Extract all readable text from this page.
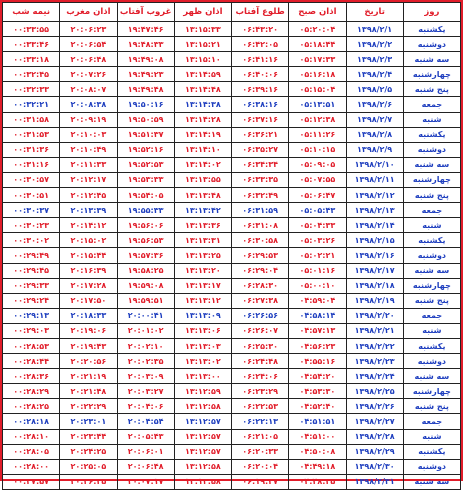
روز	تاریخ	اذان صبح	طلوع آفتاب	اذان ظهر	غروب آفتاب	اذان مغرب	نیمه شب
یکشنبه	۱۳۹۸/۲/۱	۰۵:۲۰:۰۴	۰۶:۴۳:۲۰	۱۳:۱۵:۳۳	۱۹:۴۷:۴۶	۲۰:۰۶:۲۳	۰۰:۳۳:۵۵
دوشنبه	۱۳۹۸/۲/۲	۰۵:۱۸:۴۴	۰۶:۴۲:۰۵	۱۳:۱۵:۲۱	۱۹:۴۸:۳۳	۲۰:۰۶:۵۴	۰۰:۳۳:۴۶
سه شنبه	۱۳۹۸/۲/۳	۰۵:۱۷:۳۳	۰۶:۴۱:۱۶	۱۳:۱۵:۱۰	۱۹:۴۹:۰۸	۲۰:۰۶:۴۸	۰۰:۳۳:۱۸
چهارشنبه	۱۳۹۸/۲/۴	۰۵:۱۶:۱۸	۰۶:۴۰:۰۶	۱۳:۱۴:۵۹	۱۹:۴۹:۲۳	۲۰:۰۷:۲۶	۰۰:۳۲:۴۵
پنج شنبه	۱۳۹۸/۲/۵	۰۵:۱۵:۰۴	۰۶:۳۹:۱۶	۱۳:۱۴:۴۸	۱۹:۴۹:۴۸	۲۰:۰۸:۰۷	۰۰:۳۲:۳۳
جمعه	۱۳۹۸/۲/۶	۰۵:۱۳:۵۱	۰۶:۳۸:۱۶	۱۳:۱۴:۳۸	۱۹:۵۰:۱۶	۲۰:۰۸:۳۸	۰۰:۳۲:۲۱
شنبه	۱۳۹۸/۲/۷	۰۵:۱۲:۳۸	۰۶:۳۷:۱۶	۱۳:۱۴:۲۸	۱۹:۵۰:۵۹	۲۰:۰۹:۱۹	۰۰:۳۱:۵۸
یکشنبه	۱۳۹۸/۲/۸	۰۵:۱۱:۲۶	۰۶:۳۶:۲۱	۱۳:۱۴:۱۹	۱۹:۵۱:۳۷	۲۰:۱۰:۰۳	۰۰:۳۱:۵۳
دوشنبه	۱۳۹۸/۲/۹	۰۵:۱۰:۱۵	۰۶:۳۵:۲۷	۱۳:۱۴:۱۰	۱۹:۵۲:۱۶	۲۰:۱۰:۴۹	۰۰:۳۱:۳۶
سه شنبه	۱۳۹۸/۲/۱۰	۰۵:۰۹:۰۵	۰۶:۳۴:۳۴	۱۳:۱۴:۰۲	۱۹:۵۲:۵۳	۲۰:۱۱:۳۳	۰۰:۳۱:۱۶
چهارشنبه	۱۳۹۸/۲/۱۱	۰۵:۰۷:۵۵	۰۶:۳۳:۳۵	۱۳:۱۳:۵۵	۱۹:۵۳:۳۳	۲۰:۱۲:۱۷	۰۰:۳۰:۵۷
پنج شنبه	۱۳۹۸/۲/۱۲	۰۵:۰۶:۴۷	۰۶:۳۲:۴۹	۱۳:۱۳:۴۸	۱۹:۵۴:۰۵	۲۰:۱۲:۴۵	۰۰:۳۰:۵۱
جمعه	۱۳۹۸/۲/۱۳	۰۵:۰۵:۴۳	۰۶:۳۱:۵۹	۱۳:۱۳:۴۲	۱۹:۵۵:۳۳	۲۰:۱۳:۳۹	۰۰:۳۰:۳۷
شنبه	۱۳۹۸/۲/۱۴	۰۵:۰۴:۳۳	۰۶:۳۱:۰۸	۱۳:۱۳:۳۶	۱۹:۵۶:۰۶	۲۰:۱۴:۱۲	۰۰:۳۰:۲۳
یکشنبه	۱۳۹۸/۲/۱۵	۰۵:۰۳:۲۶	۰۶:۳۰:۵۸	۱۳:۱۳:۳۱	۱۹:۵۶:۵۳	۲۰:۱۵:۰۲	۰۰:۳۰:۰۲
دوشنبه	۱۳۹۸/۲/۱۶	۰۵:۰۲:۲۱	۰۶:۲۹:۵۳	۱۳:۱۳:۲۵	۱۹:۵۷:۳۶	۲۰:۱۵:۴۴	۰۰:۲۹:۴۹
سه شنبه	۱۳۹۸/۲/۱۷	۰۵:۰۱:۱۶	۰۶:۲۹:۰۴	۱۳:۱۳:۲۰	۱۹:۵۸:۲۵	۲۰:۱۶:۳۹	۰۰:۲۹:۴۵
چهارشنبه	۱۳۹۸/۲/۱۸	۰۵:۰۰:۱۰	۰۶:۲۸:۳۰	۱۳:۱۳:۱۷	۱۹:۵۹:۰۸	۲۰:۱۷:۲۸	۰۰:۲۹:۳۳
پنج شنبه	۱۳۹۸/۲/۱۹	۰۴:۵۹:۰۴	۰۶:۲۷:۳۸	۱۳:۱۳:۱۲	۱۹:۵۹:۵۱	۲۰:۱۷:۵۰	۰۰:۲۹:۲۴
جمعه	۱۳۹۸/۲/۲۰	۰۴:۵۸:۱۴	۰۶:۲۶:۵۶	۱۳:۱۳:۰۹	۲۰:۰۰:۴۱	۲۰:۱۸:۳۳	۰۰:۲۹:۱۳
شنبه	۱۳۹۸/۲/۲۱	۰۴:۵۷:۱۳	۰۶:۲۶:۰۷	۱۳:۱۳:۰۶	۲۰:۰۱:۰۲	۲۰:۱۹:۰۶	۰۰:۲۹:۰۳
یکشنبه	۱۳۹۸/۲/۲۲	۰۴:۵۶:۲۳	۰۶:۲۵:۳۰	۱۳:۱۳:۰۳	۲۰:۰۲:۱۰	۲۰:۱۹:۴۳	۰۰:۲۸:۵۳
دوشنبه	۱۳۹۸/۲/۲۳	۰۴:۵۵:۱۶	۰۶:۲۴:۴۸	۱۳:۱۳:۰۲	۲۰:۰۲:۳۵	۲۰:۲۰:۵۶	۰۰:۲۸:۴۴
سه شنبه	۱۳۹۸/۲/۲۴	۰۴:۵۴:۲۰	۰۶:۲۴:۰۶	۱۳:۱۳:۰۰	۲۰:۰۳:۰۹	۲۰:۲۱:۱۹	۰۰:۲۸:۳۶
چهارشنبه	۱۳۹۸/۲/۲۵	۰۴:۵۳:۳۰	۰۶:۲۳:۲۹	۱۳:۱۲:۵۹	۲۰:۰۳:۲۷	۲۰:۲۱:۴۸	۰۰:۲۸:۲۹
پنج شنبه	۱۳۹۸/۲/۲۶	۰۴:۵۲:۴۰	۰۶:۲۲:۵۳	۱۳:۱۲:۵۸	۲۰:۰۴:۰۶	۲۰:۲۲:۲۹	۰۰:۲۸:۲۵
جمعه	۱۳۹۸/۲/۲۷	۰۴:۵۱:۵۱	۰۶:۲۲:۱۳	۱۳:۱۲:۵۷	۲۰:۰۴:۵۴	۲۰:۲۳:۰۱	۰۰:۲۸:۱۸
شنبه	۱۳۹۸/۲/۲۸	۰۴:۵۱:۰۰	۰۶:۲۱:۰۵	۱۳:۱۲:۵۷	۲۰:۰۵:۴۳	۲۰:۲۳:۴۴	۰۰:۲۸:۱۰
یکشنبه	۱۳۹۸/۲/۲۹	۰۴:۵۰:۰۸	۰۶:۲۰:۳۳	۱۳:۱۲:۵۷	۲۰:۰۶:۰۱	۲۰:۲۴:۲۵	۰۰:۲۸:۰۵
دوشنبه	۱۳۹۸/۲/۳۰	۰۴:۴۹:۱۸	۰۶:۲۰:۰۴	۱۳:۱۲:۵۸	۲۰:۰۶:۴۸	۲۰:۲۵:۰۵	۰۰:۲۸:۰۰
سه شنبه	۱۳۹۸/۲/۳۱	۰۴:۴۸:۳۵	۰۶:۱۹:۳۷	۱۳:۱۲:۵۸	۲۰:۰۷:۱۷	۲۰:۲۶:۲۵	۰۰:۲۷:۵۷
